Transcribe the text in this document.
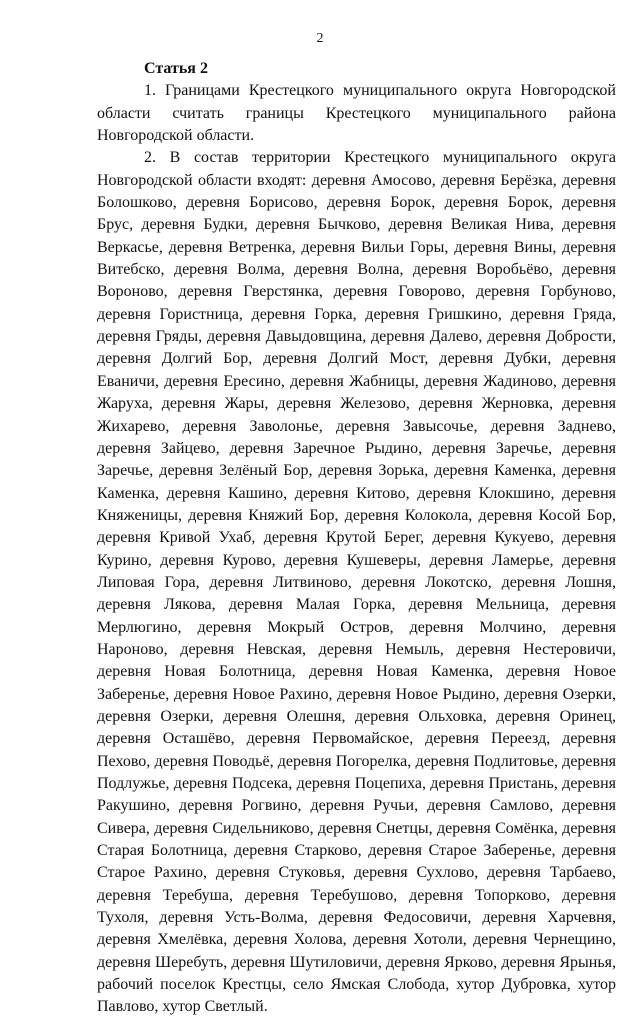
2

Статья 2

1. Границами Крестецкого муниципального округа Новгородской области считать границы Крестецкого муниципального района Новгородской области.

2. В состав территории Крестецкого муниципального округа Новгородской области входят: деревня Амосово, деревня Берёзка, деревня Болошково, деревня Борисово, деревня Борок, деревня Борок, деревня Брус, деревня Будки, деревня Бычково, деревня Великая Нива, деревня Веркасье, деревня Ветренка, деревня Вильи Горы, деревня Вины, деревня Витебско, деревня Волма, деревня Волна, деревня Воробьёво, деревня Вороново, деревня Гверстянка, деревня Говорово, деревня Горбуново, деревня Гористница, деревня Горка, деревня Гришкино, деревня Гряда, деревня Гряды, деревня Давыдовщина, деревня Далево, деревня Добрости, деревня Долгий Бор, деревня Долгий Мост, деревня Дубки, деревня Еваничи, деревня Ересино, деревня Жабницы, деревня Жадиново, деревня Жаруха, деревня Жары, деревня Железово, деревня Жерновка, деревня Жихарево, деревня Заволонье, деревня Завысочье, деревня Заднево, деревня Зайцево, деревня Заречное Рыдино, деревня Заречье, деревня Заречье, деревня Зелёный Бор, деревня Зорька, деревня Каменка, деревня Каменка, деревня Кашино, деревня Китово, деревня Клокшино, деревня Княженицы, деревня Княжий Бор, деревня Колокола, деревня Косой Бор, деревня Кривой Ухаб, деревня Крутой Берег, деревня Кукуево, деревня Курино, деревня Курово, деревня Кушеверы, деревня Ламерье, деревня Липовая Гора, деревня Литвиново, деревня Локотско, деревня Лошня, деревня Лякова, деревня Малая Горка, деревня Мельница, деревня Мерлюгино, деревня Мокрый Остров, деревня Молчино, деревня Нароново, деревня Невская, деревня Немыль, деревня Нестеровичи, деревня Новая Болотница, деревня Новая Каменка, деревня Новое Заберенье, деревня Новое Рахино, деревня Новое Рыдино, деревня Озерки, деревня Озерки, деревня Олешня, деревня Ольховка, деревня Оринец, деревня Осташёво, деревня Первомайское, деревня Переезд, деревня Пехово, деревня Поводьё, деревня Погорелка, деревня Подлитовье, деревня Подлужье, деревня Подсека, деревня Поцепиха, деревня Пристань, деревня Ракушино, деревня Рогвино, деревня Ручьи, деревня Самлово, деревня Сивера, деревня Сидельниково, деревня Снетцы, деревня Сомёнка, деревня Старая Болотница, деревня Старково, деревня Старое Заберенье, деревня Старое Рахино, деревня Стуковья, деревня Сухлово, деревня Тарбаево, деревня Теребуша, деревня Теребушово, деревня Топорково, деревня Тухоля, деревня Усть-Волма, деревня Федосовичи, деревня Харчевня, деревня Хмелёвка, деревня Холова, деревня Хотоли, деревня Чернещино, деревня Шеребуть, деревня Шутиловичи, деревня Ярково, деревня Ярынья, рабочий поселок Крестцы, село Ямская Слобода, хутор Дубровка, хутор Павлово, хутор Светлый.
